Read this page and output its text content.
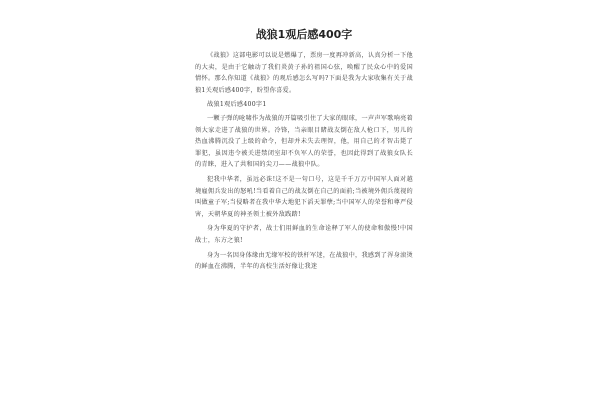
战狼1观后感400字

《战狼》这部电影可以说是燃爆了，票房一度再冲新高，认真分析一下他的大卖，是由于它触动了我们炎黄子孙的祖国心弦，唤醒了民众心中的爱国情怀。那么你知道《战狼》的观后感怎么写吗?下面是我为大家收集有关于战狼1关观后感400字，盼望你喜爱。

战狼1观后感400字1

一颗子弹的呛啸作为战狼的开篇吸引住了大家的眼球，一声声军歌响亮着领大家走进了战狼的世界。冷锋，当亲眼目睹战友倒在敌人枪口下，男儿的热血沸腾沉没了上级的命令，但却并未失去理智，他，用自己的才智击毙了罪犯，虽因违令被关进禁闭室却不负军人的荣誉，也因此得到了战狼女队长的青睐，进入了共和国的尖刀——战狼中队。

犯我中华者，虽远必诛!这不是一句口号，这是千千万万中国军人面对越境雇佣兵发出的怒吼!当看着自己的战友倒在自己的面前;当被境外佣兵蔑视的叫做童子军;当侵略者在我中华大地犯下滔天罪孽;当中国军人的荣誉和尊严侵害，天朝华夏的神圣领土被外敌践踏!

身为华夏的守护者，战士们用鲜血的生命诠释了军人的使命和傲慢!中国战士，东方之狼!

身为一名因身体缘由无缘军校的铁杆军迷，在战狼中，我感到了浑身滚烫的鲜血在沸腾，半年的高校生活好像让我迷
